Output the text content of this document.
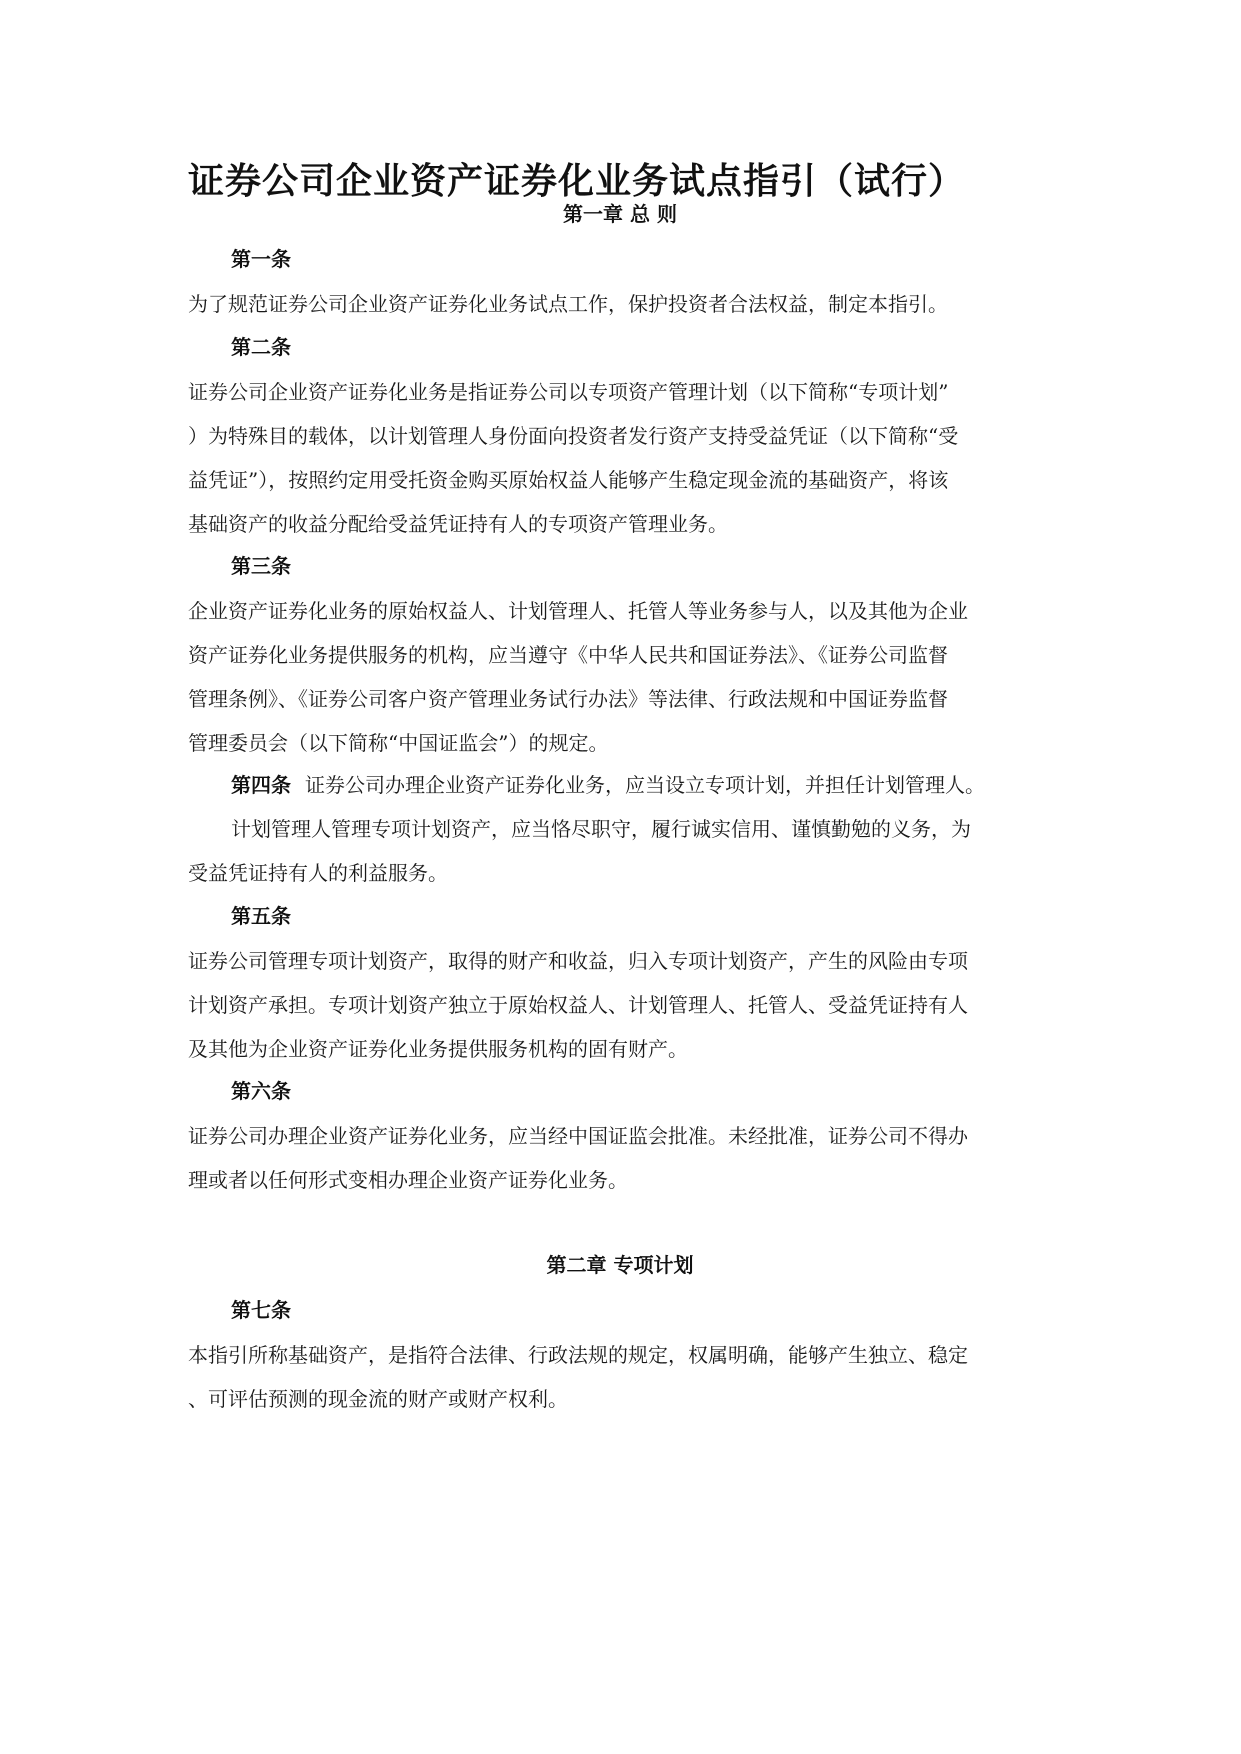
证券公司企业资产证券化业务试点指引（试行）
第一章 总 则

第一条

为了规范证券公司企业资产证券化业务试点工作，保护投资者合法权益，制定本指引。

第二条

证券公司企业资产证券化业务是指证券公司以专项资产管理计划（以下简称“专项计划”

）为特殊目的载体，以计划管理人身份面向投资者发行资产支持受益凭证（以下简称“受

益凭证”），按照约定用受托资金购买原始权益人能够产生稳定现金流的基础资产，将该

基础资产的收益分配给受益凭证持有人的专项资产管理业务。

第三条

企业资产证券化业务的原始权益人、计划管理人、托管人等业务参与人，以及其他为企业

资产证券化业务提供服务的机构，应当遵守《中华人民共和国证券法》、《证券公司监督

管理条例》、《证券公司客户资产管理业务试行办法》等法律、行政法规和中国证券监督

管理委员会（以下简称“中国证监会”）的规定。

第四条 证券公司办理企业资产证券化业务，应当设立专项计划，并担任计划管理人。

计划管理人管理专项计划资产，应当恪尽职守，履行诚实信用、谨慎勤勉的义务，为

受益凭证持有人的利益服务。

第五条

证券公司管理专项计划资产，取得的财产和收益，归入专项计划资产，产生的风险由专项

计划资产承担。专项计划资产独立于原始权益人、计划管理人、托管人、受益凭证持有人

及其他为企业资产证券化业务提供服务机构的固有财产。

第六条

证券公司办理企业资产证券化业务，应当经中国证监会批准。未经批准，证券公司不得办

理或者以任何形式变相办理企业资产证券化业务。

第二章 专项计划

第七条

本指引所称基础资产，是指符合法律、行政法规的规定，权属明确，能够产生独立、稳定

、可评估预测的现金流的财产或财产权利。
